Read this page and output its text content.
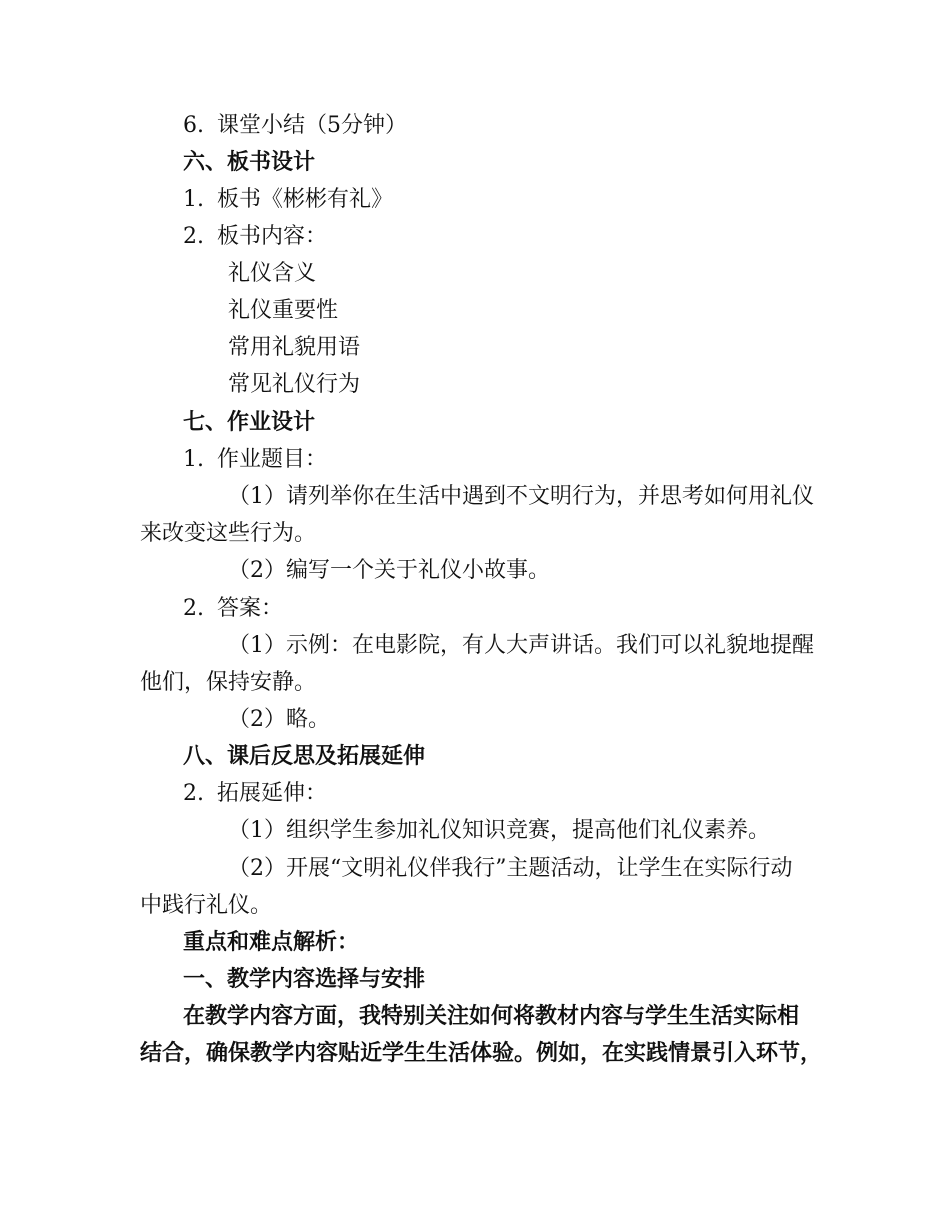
6. 课堂小结（5分钟）
六、板书设计
1. 板书《彬彬有礼》
2. 板书内容：
礼仪含义
礼仪重要性
常用礼貌用语
常见礼仪行为
七、作业设计
1. 作业题目：
（1）请列举你在生活中遇到不文明行为，并思考如何用礼仪
来改变这些行为。
（2）编写一个关于礼仪小故事。
2. 答案：
（1）示例：在电影院，有人大声讲话。我们可以礼貌地提醒
他们，保持安静。
（2）略。
八、课后反思及拓展延伸
2. 拓展延伸：
（1）组织学生参加礼仪知识竞赛，提高他们礼仪素养。
（2）开展“文明礼仪伴我行”主题活动，让学生在实际行动
中践行礼仪。
重点和难点解析：
一、教学内容选择与安排
在教学内容方面，我特别关注如何将教材内容与学生生活实际相
结合，确保教学内容贴近学生生活体验。例如，在实践情景引入环节，
